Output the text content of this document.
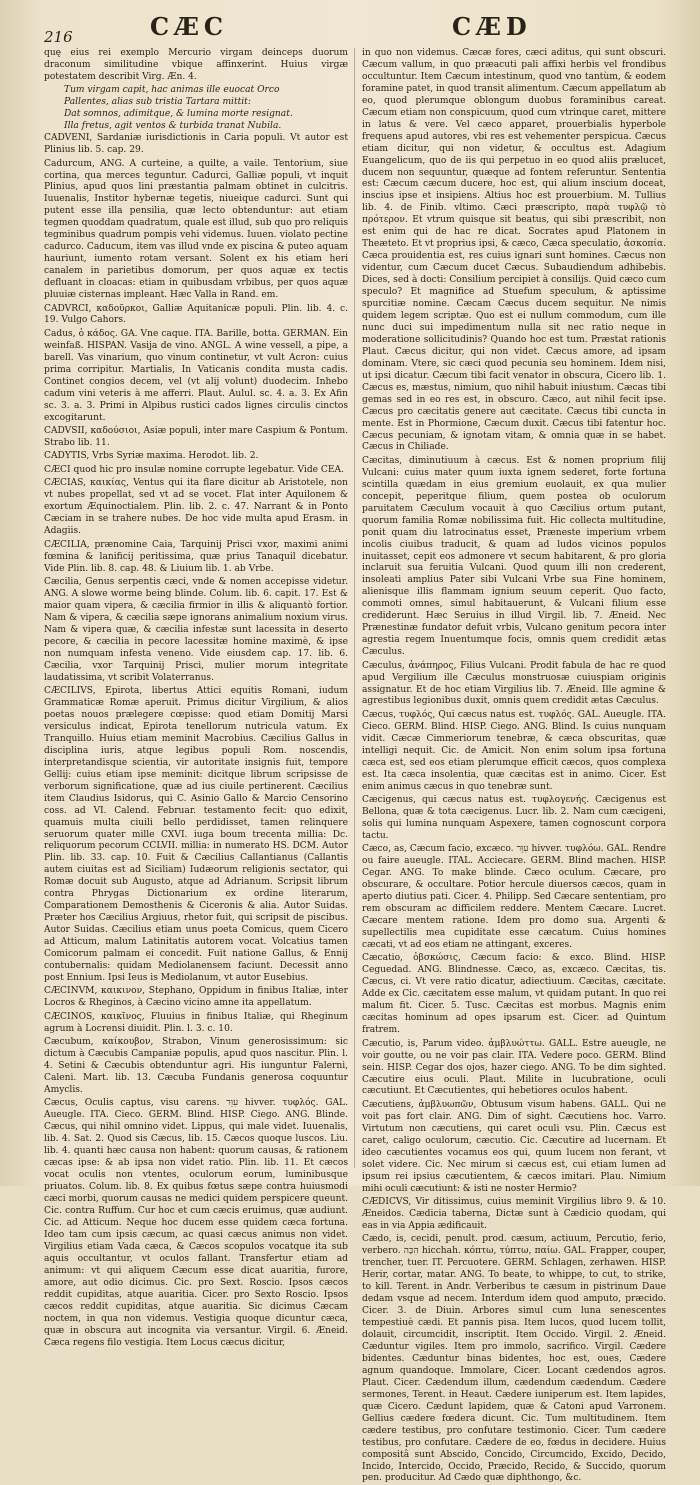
216	CÆC	CÆD

quę eius rei exemplo Mercurio virgam deinceps duorum draconum similitudine vbique affinxerint. Huius virgæ potestatem describit Virg. Æn. 4.

Tum virgam capit, hac animas ille euocat Orco
Pallentes, alias sub tristia Tartara mittit:
Dat somnos, adimitque, & lumina morte resignat.
Illa fretus, agit ventos & turbida tranat Nubila.

CADVENI, Sardaniæ iurisdictionis in Caria populi. Vt autor est Plinius lib. 5. cap. 29.

Cadurcum, ANG. A curteine, a quilte, a vaile. Tentorium, siue cortina, qua merces teguntur. Cadurci, Galliæ populi, vt inquit Plinius, apud quos lini præstantia palmam obtinet in culcitris. Iuuenalis, Institor hybernæ tegetis, niueique cadurci. Sunt qui putent esse illa pensilia, quæ lecto obtenduntur: aut etiam tegmen quoddam quadratum, quale est illud, sub quo pro reliquis tegminibus quadrum pompis vehi videmus. Iuuen. violato pectine cadurco. Caducum, item vas illud vnde ex piscina & puteo aquam hauriunt, iumento rotam versant. Solent ex his etiam heri canalem in parietibus domorum, per quos aquæ ex tectis defluant in cloacas: etiam in quibusdam vrbibus, per quos aquæ pluuiæ cisternas impleant. Hæc Valla in Rand. em.

CADVRCI, καδοῦρκοι, Galliæ Aquitanicæ populi. Plin. lib. 4. c. 19. Vulgo Cahors.

Cadus, ὁ κάδος. GA. Vne caque. ITA. Barille, botta. GERMAN. Ein weinfaß. HISPAN. Vasija de vino. ANGL. A wine vessell, a pipe, a barell. Vas vinarium, quo vinum continetur, vt vult Acron: cuius prima corripitur. Martialis, In Vaticanis condita musta cadis. Continet congios decem, vel (vt alij volunt) duodecim. Inhebo cadum vini veteris à me afferri. Plaut. Aulul. sc. 4. a. 3. Ex Afin sc. 3. a. 3. Primi in Alpibus rustici cados lignes circulis cinctos excogitarunt.

CADVSII, καδούσιοι, Asiæ populi, inter mare Caspium & Pontum. Strabo lib. 11.

CADYTIS, Vrbs Syriæ maxima. Herodot. lib. 2.

CÆCI quod hic pro insulæ nomine corrupte legebatur. Vide CEA.

CÆCIAS, καικίας, Ventus qui ita flare dicitur ab Aristotele, non vt nubes propellat, sed vt ad se vocet. Flat inter Aquilonem & exortum Æquinoctialem. Plin. lib. 2. c. 47. Narrant & in Ponto Cæciam in se trahere nubes. De hoc vide multa apud Erasm. in Adagiis.

CÆCILIA, prænomine Caia, Tarquinij Prisci vxor, maximi animi fœmina & lanificij peritissima, quæ prius Tanaquil dicebatur. Vide Plin. lib. 8. cap. 48. & Liuium lib. 1. ab Vrbe.

Cæcilia, Genus serpentis cæci, vnde & nomen accepisse videtur. ANG. A slowe worme being blinde. Colum. lib. 6. capit. 17. Est & maior quam vipera, & cæcilia firmior in illis & aliquantò fortior. Nam & vipera, & cæcilia sæpe ignorans animalium noxium virus. Nam & vipera quæ, & cæcilia infestæ sunt lacessita in deserto pecore, & cæcilia in pecore lacessitæ homine maximè, & ipse non numquam infesta veneno. Vide eiusdem cap. 17. lib. 6. Cæcilia, vxor Tarquinij Prisci, mulier morum integritate laudatissima, vt scribit Volaterranus.

CÆCILIVS, Epirota, libertus Attici equitis Romani, iudum Grammaticæ Romæ aperuit. Primus dicitur Virgilium, & alios poetas nouos prælegere cœpisse: quod etiam Domitij Marsi versiculus indicat, Epirota tenellorum nutricula vatum. Ex Tranquillo. Huius etiam meminit Macrobius. Cæcilius Gallus in disciplina iuris, atque legibus populi Rom. noscendis, interpretandisque scientia, vir autoritate insignis fuit, tempore Gellij: cuius etiam ipse meminit: dicitque librum scripsisse de verborum significatione, quæ ad ius ciuile pertinerent. Cæcilius item Claudius Isidorus, qui C. Asinio Gallo & Marcio Censorino coss. ad VI. Calend. Februar. testamento fecit: quo edixit, quamuis multa ciuili bello perdidisset, tamen relinquere seruorum quater mille CXVI. iuga boum trecenta millia: Dc. reliquorum pecorum CCLVII. millia: in numerato HS. DCM. Autor Plin. lib. 33. cap. 10. Fuit & Cæcilius Callantianus (Callantis autem ciuitas est ad Siciliam) Iudæorum religionis sectator, qui Romæ docuit sub Augusto, atque ad Adrianum. Scripsit librum contra Phrygas Dictionarium ex ordine literarum, Comparationem Demosthenis & Ciceronis & alia. Autor Suidas. Præter hos Cæcilius Argiuus, rhetor fuit, qui scripsit de piscibus. Autor Suidas. Cæcilius etiam unus poeta Comicus, quem Cicero ad Atticum, malum Latinitatis autorem vocat. Volcatius tamen Comicorum palmam ei concedit. Fuit natione Gallus, & Ennij contubernalis: quidam Mediolanensem faciunt. Decessit anno post Ennium. Ipsi Ieus is Mediolanum, vt autor Eusebius.

CÆCINVM, καικινον, Stephano, Oppidum in finibus Italiæ, inter Locros & Rheginos, à Cæcino vicino amne ita appellatum.

CÆCINOS, καικῖνος, Fluuius in finibus Italiæ, qui Rheginum agrum à Locrensi diuidit. Plin. l. 3. c. 10.

Cæcubum, καίκουβον, Strabon, Vinum generosissimum: sic dictum à Cæcubis Campaniæ populis, apud quos nascitur. Plin. l. 4. Setini & Cæcubis obtenduntur agri. His iunguntur Falerni, Caleni. Mart. lib. 13. Cæcuba Fundanis generosa coquuntur Amyclis.

Cæcus, Oculis captus, visu carens. עִוֵּר hivver. τυφλός. GAL. Aueugle. ITA. Cieco. GERM. Blind. HISP. Ciego. ANG. Blinde. Cæcus, qui nihil omnino videt. Lippus, qui male videt. Iuuenalis, lib. 4. Sat. 2. Quod sis Cæcus, lib. 15. Cæcos quoque luscos. Liu. lib. 4. quanti hæc causa non habent: quorum causas, & rationem cæcas ipse: & ab ipsa non videt ratio. Plin. lib. 11. Et cæcos vocat oculis non vtentes, oculorum eorum, luminibusque priuatos. Colum. lib. 8. Ex quibus fœtus sæpe contra huiusmodi cæci morbi, quorum causas ne medici quidem perspicere queunt. Cic. contra Ruffum. Cur hoc et cum cæcis eruimus, quæ audiunt. Cic. ad Atticum. Neque hoc ducem esse quidem cæca fortuna. Ideo tam cum ipsis cæcum, ac quasi cæcus animus non videt. Virgilius etiam Vada cæca, & Cæcos scopulos vocatque ita sub aquis occultantur, vt oculos fallant. Transfertur etiam ad animum: vt qui aliquem Cæcum esse dicat auaritia, furore, amore, aut odio dicimus. Cic. pro Sext. Roscio. Ipsos cæcos reddit cupiditas, atque auaritia. Cicer. pro Sexto Roscio. Ipsos cæcos reddit cupiditas, atque auaritia. Sic dicimus Cæcam noctem, in qua non videmus. Vestigia quoque dicuntur cæca, quæ in obscura aut incognita via versantur. Virgil. 6. Æneid. Cæca regens filo vestigia. Item Locus cæcus dicitur,

in quo non videmus. Cæcæ fores, cæci aditus, qui sunt obscuri. Cæcum vallum, in quo præacuti pali affixi herbis vel frondibus occultuntur. Item Cæcum intestinum, quod vno tantùm, & eodem foramine patet, in quod transit alimentum. Cæcum appellatum ab eo, quod plerumque oblongum duobus foraminibus careat. Cæcum etiam non conspicuum, quod cum vtrinque caret, mittere in latus & vere. Vel cæco apparet, prouerbialis hyperbole frequens apud autores, vbi res est vehementer perspicua. Cæcus etiam dicitur, qui non videtur, & occultus est. Adagium Euangelicum, quo de iis qui perpetuo in eo quod aliis prælucet, ducem non sequuntur, quæque ad fontem referuntur. Sententia est: Cæcum cæcum ducere, hoc est, qui alium inscium doceat, inscius ipse et insipiens. Altius hoc est prouerbium. M. Tullius lib. 4. de Finib. vltimo. Cæci præscripto, παρὰ τυφλῷ τὸ πρότερον. Et vtrum quisque sit beatus, qui sibi præscribit, non est enim qui de hac re dicat. Socrates apud Platonem in Theæteto. Et vt proprius ipsi, & cæco, Cæca speculatio, ἀσκοπία. Cæca prouidentia est, res cuius ignari sunt homines. Cæcus non videntur, cum Cæcum ducet Cæcus. Subaudiendum adhibebis. Dices, sed à docti: Consilium percipiet à consilijs. Quid cæco cum speculo? Et magnifice ad Stuefum speculum, & aptissime spurcitiæ nomine. Cæcam Cæcus ducem sequitur. Ne nimis quidem legem scriptæ. Quo est ei nullum commodum, cum ille nunc duci sui impedimentum nulla sit nec ratio neque in moderatione sollicitudinis? Quando hoc est tum. Præstat rationis Plaut. Cæcus dicitur, qui non videt. Cæcus amore, ad ipsam dominam. Vtere, sic cæci quod pecunia seu hominem. Idem nisi, ut ipsi dicatur. Cæcum tibi facit venator in obscura, Cicero lib. 1. Cæcus es, mæstus, nimium, quo nihil habuit iniustum. Cæcas tibi gemas sed in eo res est, in obscuro. Cæco, aut nihil fecit ipse. Cæcus pro cæcitatis genere aut cæcitate. Cæcus tibi cuncta in mente. Est in Phormione, Cæcum duxit. Cæcus tibi fatentur hoc. Cæcus pecuniam, & ignotam vitam, & omnia quæ in se habet. Cæcus in Chiliade.

Cæcitas, diminutiuum à cæcus. Est & nomen proprium filij Vulcani: cuius mater quum iuxta ignem sederet, forte fortuna scintilla quædam in eius gremium euolauit, ex qua mulier concepit, peperitque filium, quem postea ob oculorum paruitatem Cæculum vocauit à quo Cæcilius ortum putant, quorum familia Romæ nobilissima fuit. Hic collecta multitudine, ponit quam diu latrocinatus esset, Præneste imperium vrbem incolis ciuibus traducit, & quam ad ludos vicinos populos inuitasset, cepit eos admonere vt secum habitarent, & pro gloria inclaruit sua feruitia Vulcani. Quod quum illi non crederent, insoleati amplius Pater sibi Vulcani Vrbe sua Fine hominem, alienisque illis flammam ignium seuum ceperit. Quo facto, commoti omnes, simul habitauerunt, & Vulcani filium esse crediderunt. Hæc Seruius in illud Virgil. lib. 7. Æneid. Nec Prænestinæ fundator defuit vrbis, Vulcano genitum pecora inter agrestia regem Inuentumque focis, omnis quem credidit ætas Cæculus.

Cæculus, ἀνάπηρος, Filius Vulcani. Prodit fabula de hac re quod apud Vergilium ille Cæculus monstruosæ cuiuspiam originis assignatur. Et de hoc etiam Virgilius lib. 7. Æneid. Ille agmine & agrestibus legionibus duxit, omnis quem credidit ætas Cæculus.

Cæcus, τυφλός, Qui cæcus natus est. τυφλός. GAL. Aueugle. ITA. Cieco. GERM. Blind. HISP. Ciego. ANG. Blind. Is cuius nunquam vidit. Cæcæ Cimmeriorum tenebræ, & cæca obscuritas, quæ intelligi nequit. Cic. de Amicit. Non enim solum ipsa fortuna cæca est, sed eos etiam plerumque efficit cæcos, quos complexa est. Ita cæca insolentia, quæ cæcitas est in animo. Cicer. Est enim animus cæcus in quo tenebræ sunt.

Cæcigenus, qui cæcus natus est. τυφλογενής. Cæcigenus est Bellona, quæ & tota cæcigenus. Lucr. lib. 2. Nam cum cæcigeni, solis qui lumina nunquam Aspexere, tamen cognoscunt corpora tactu.

Cæco, as, Cæcum facio, excæco. עִוֵּר hivver. τυφλόω. GAL. Rendre ou faire aueugle. ITAL. Acciecare. GERM. Blind machen. HISP. Cegar. ANG. To make blinde. Cæco oculum. Cæcare, pro obscurare, & occultare. Potior hercule diuersos cæcos, quam in aperto diutius pati. Cicer. 4. Philipp. Sed Cæcare sententiam, pro rem obscuram ac difficilem reddere. Mentem Cæcare. Lucret. Cæcare mentem ratione. Idem pro domo sua. Argenti & supellectilis mea cupiditate esse cæcatum. Cuius homines cæcati, vt ad eos etiam ne attingant, exceres.

Cæcatio, ὀβσκώσις, Cæcum facio: & exco. Blind. HISP. Ceguedad. ANG. Blindnesse. Cæco, as, excæco. Cæcitas, tis. Cæcus, ci. Vt vere ratio dicatur, adiectiuum. Cæcitas, cæcitate. Adde ex Cic. cæcitatem esse malum, vt quidam putant. In quo rei malum fit. Cicer. 5. Tusc. Cæcitas est morbus. Magnis enim cæcitas hominum ad opes ipsarum est. Cicer. ad Quintum fratrem.

Cæcutio, is, Parum video. ἀμβλυώττω. GALL. Estre aueugle, ne voir goutte, ou ne voir pas clair. ITA. Vedere poco. GERM. Blind sein. HISP. Cegar dos ojos, hazer ciego. ANG. To be dim sighted. Cæcutire eius oculi. Plaut. Milite in lucubratione, oculi cæcutiunt. Et Cæcutientes, qui hebetiores oculos habent.

Cæcutiens, ἀμβλυωπῶν, Obtusum visum habens. GALL. Qui ne voit pas fort clair. ANG. Dim of sight. Cæcutiens hoc. Varro. Virtutum non cæcutiens, qui caret oculi vsu. Plin. Cæcus est caret, caligo oculorum, cæcutio. Cic. Cæcutire ad lucernam. Et ideo cæcutientes vocamus eos qui, quum lucem non ferant, vt solet videre. Cic. Nec mirum si cæcus est, cui etiam lumen ad ipsum rei ipsius cæcutientem, & cæcos imitari. Plau. Nimium mihi oculi cæcutiunt: & isti ne noster Hermio?

CÆDICVS, Vir ditissimus, cuius meminit Virgilius libro 9. & 10. Æneidos. Cædicia taberna, Dictæ sunt à Cædicio quodam, qui eas in via Appia ædificauit.

Cædo, is, cecidi, penult. prod. cæsum, actiuum, Percutio, ferio, verbero. הִכָּה hicchah. κόπτω, τύπτω, παίω. GAL. Frapper, couper, trencher, tuer. IT. Percuotere. GERM. Schlagen, zerhawen. HISP. Herir, cortar, matar. ANG. To beate, to whippe, to cut, to strike, to kill. Terent. in Andr. Verberibus te cæsum in pistrinum Daue dedam vsque ad necem. Interdum idem quod amputo, præcido. Cicer. 3. de Diuin. Arbores simul cum luna senescentes tempestiuè cædi. Et pannis pisa. Item lucos, quod lucem tollit, dolauit, circumcidit, inscriptit. Item Occido. Virgil. 2. Æneid. Cæduntur vigiles. Item pro immolo, sacrifico. Virgil. Cædere bidentes. Cæduntur binas bidentes, hoc est, oues, Cædere agnum quandoque. Immolare, Cicer. Locant cædendos agros. Plaut. Cicer. Cædendum illum, cædendum cædendum. Cædere sermones, Terent. in Heaut. Cædere iuniperum est. Item lapides, quæ Cicero. Cædunt lapidem, quæ & Catoni apud Varronem. Gellius cædere fœdera dicunt. Cic. Tum multitudinem. Item cædere testibus, pro confutare testimonio. Cicer. Tum cædere testibus, pro confutare. Cædere de eo, fœdus in decidere. Huius compositâ sunt Abscido, Concido, Circumcido, Excido, Decido, Incido, Intercido, Occido, Præcido, Recido, & Succido, quorum pen. producitur. Ad Cædo quæ diphthongo, &c.
